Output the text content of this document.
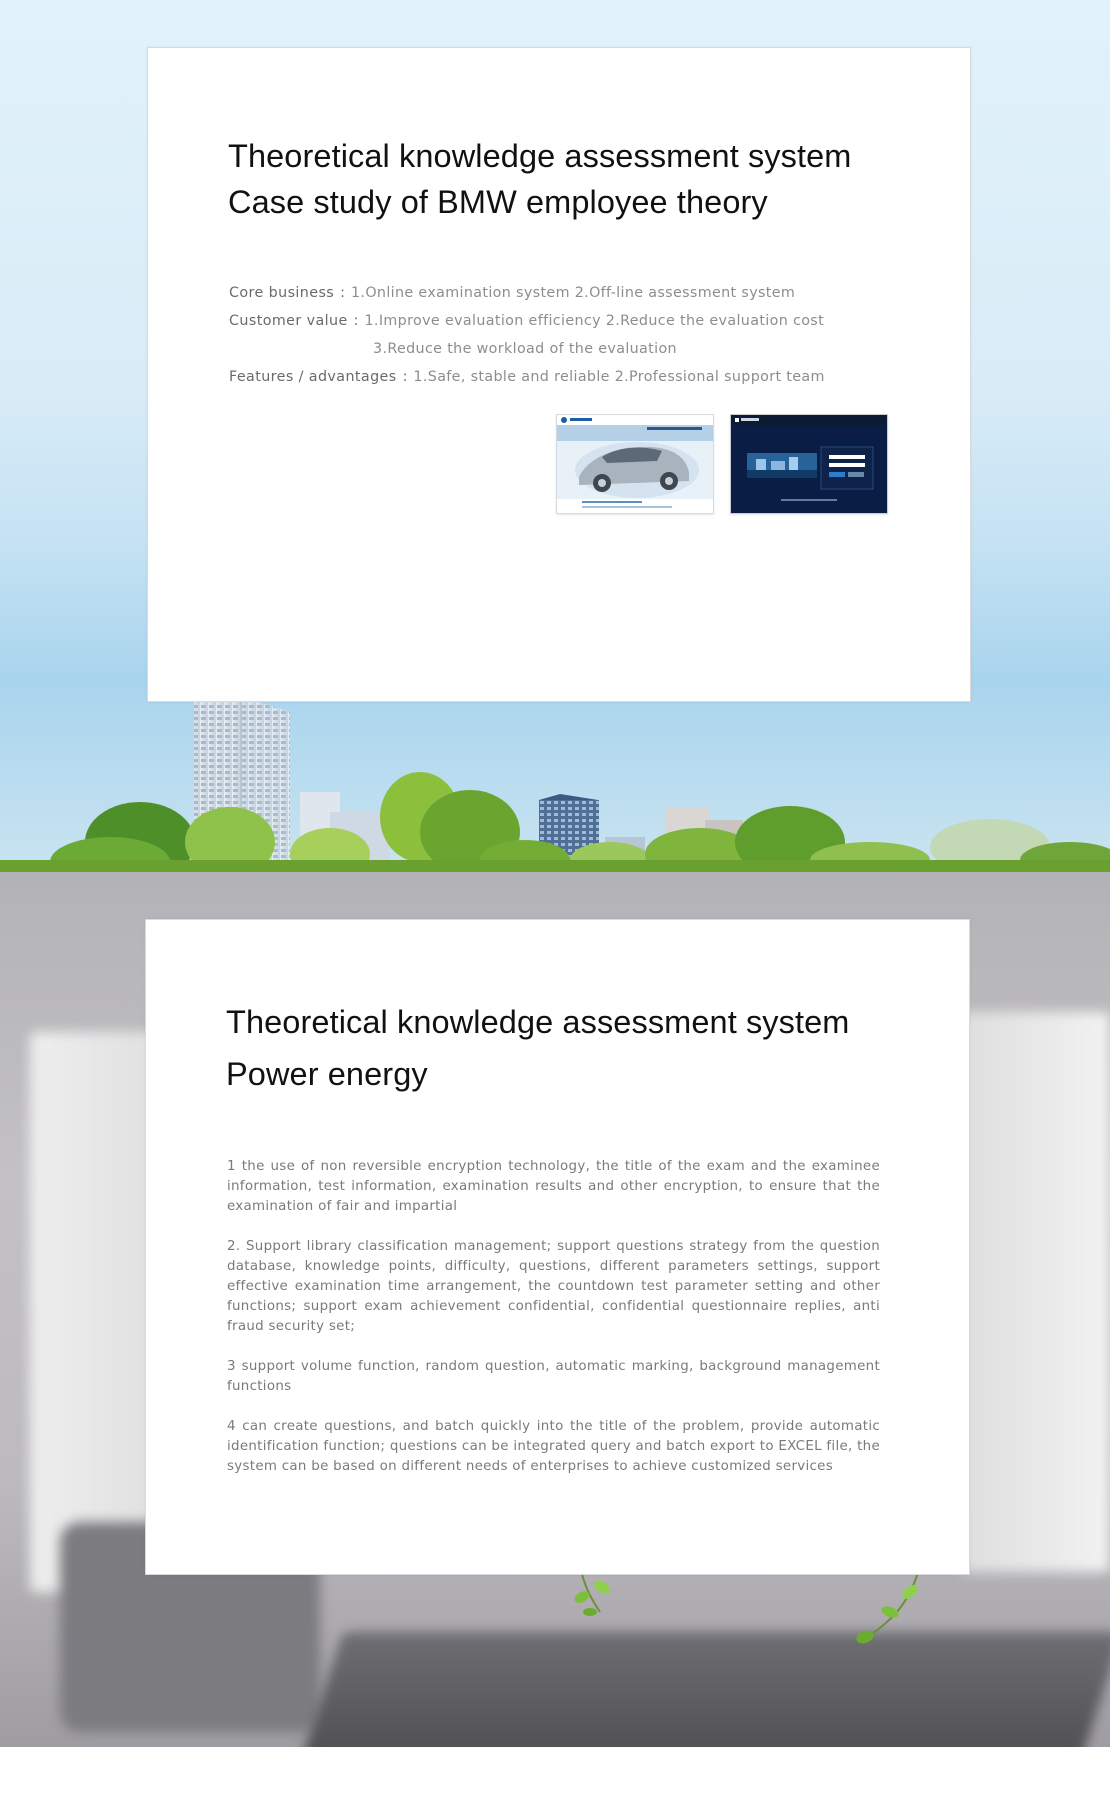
Theoretical knowledge assessment system
Case study of BMW employee theory
Core business : 1.Online examination system 2.Off-line assessment system
Customer value : 1.Improve evaluation efficiency 2.Reduce the evaluation cost
3.Reduce the workload of the evaluation
Features / advantages : 1.Safe, stable and reliable 2.Professional support team
Theoretical knowledge assessment system
Power energy

1 the use of non reversible encryption technology, the title of the exam and the examinee information, test information, examination results and other encryption, to ensure that the examination of fair and impartial

2. Support library classification management; support questions strategy from the question database, knowledge points, difficulty, questions, different parameters settings, support effective examination time arrangement, the countdown test parameter setting and other functions; support exam achievement confidential, confidential questionnaire replies, anti fraud security set;

3 support volume function, random question, automatic marking, background management functions

4 can create questions, and batch quickly into the title of the problem, provide automatic identification function; questions can be integrated query and batch export to EXCEL file, the system can be based on different needs of enterprises to achieve customized services
